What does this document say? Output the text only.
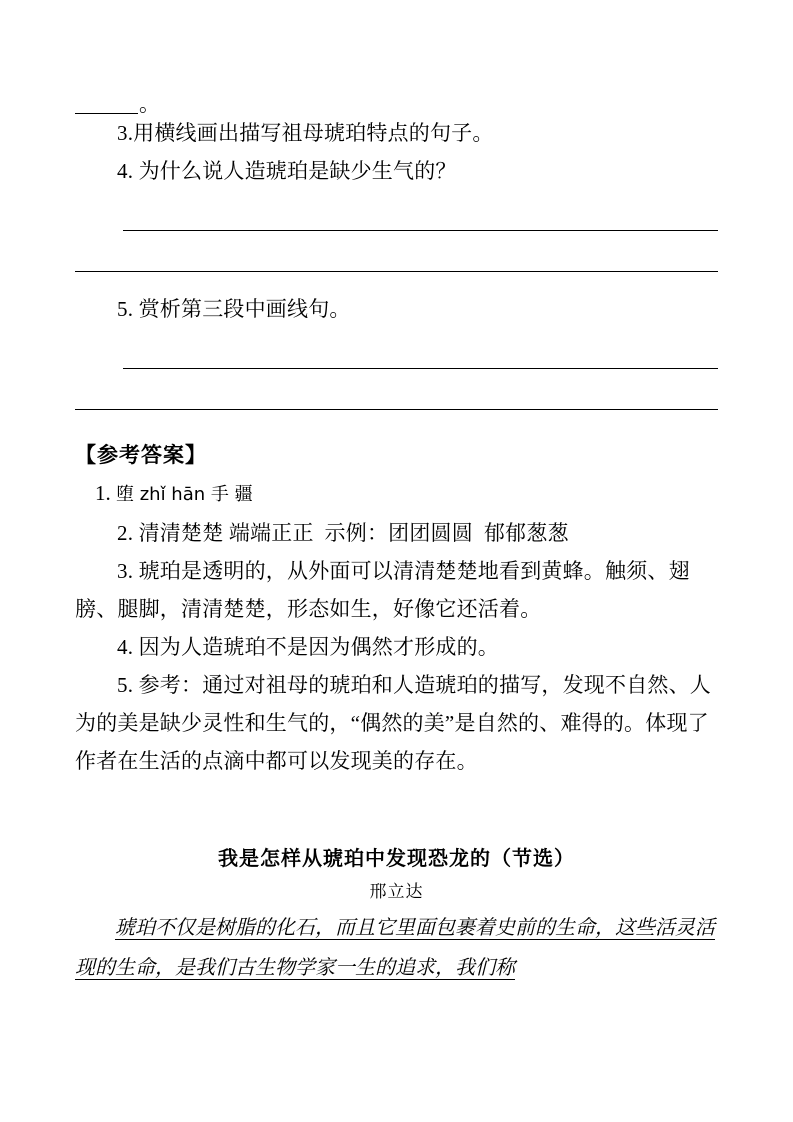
。
3.用横线画出描写祖母琥珀特点的句子。
4. 为什么说人造琥珀是缺少生气的？
5. 赏析第三段中画线句。
【参考答案】
1. 堕 zhǐ hān 手 疆
2. 清清楚楚 端端正正  示例：团团圆圆  郁郁葱葱
3. 琥珀是透明的，从外面可以清清楚楚地看到黄蜂。触须、翅膀、腿脚，清清楚楚，形态如生，好像它还活着。
4. 因为人造琥珀不是因为偶然才形成的。
5. 参考：通过对祖母的琥珀和人造琥珀的描写，发现不自然、人为的美是缺少灵性和生气的，“偶然的美”是自然的、难得的。体现了作者在生活的点滴中都可以发现美的存在。
我是怎样从琥珀中发现恐龙的（节选）
邢立达
琥珀不仅是树脂的化石，而且它里面包裹着史前的生命，这些活灵活现的生命，是我们古生物学家一生的追求，我们称
